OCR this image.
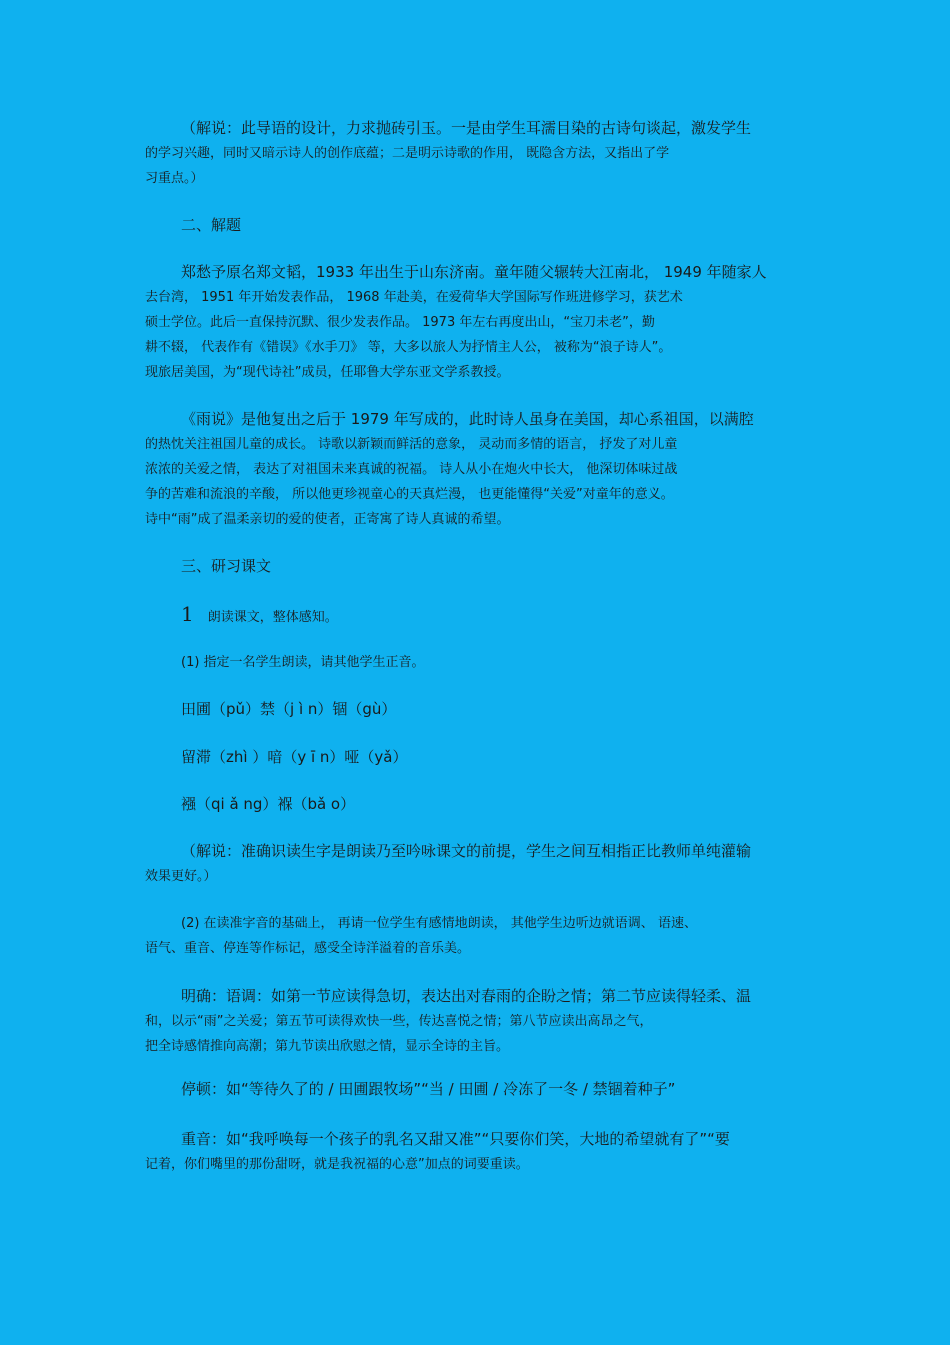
（解说：此导语的设计，力求抛砖引玉。一是由学生耳濡目染的古诗句谈起，激发学生
的学习兴趣，同时又暗示诗人的创作底蕴；二是明示诗歌的作用， 既隐含方法，又指出了学
习重点。）
二、解题
郑愁予原名郑文韬，1933 年出生于山东济南。童年随父辗转大江南北， 1949 年随家人
去台湾， 1951 年开始发表作品， 1968 年赴美，在爱荷华大学国际写作班进修学习，获艺术
硕士学位。此后一直保持沉默、很少发表作品。 1973 年左右再度出山，“宝刀未老”，勤
耕不辍， 代表作有《错误》《水手刀》 等，大多以旅人为抒情主人公， 被称为“浪子诗人”。
现旅居美国，为“现代诗社”成员，任耶鲁大学东亚文学系教授。
《雨说》是他复出之后于 1979 年写成的，此时诗人虽身在美国，却心系祖国，以满腔
的热忱关注祖国儿童的成长。 诗歌以新颖而鲜活的意象， 灵动而多情的语言， 抒发了对儿童
浓浓的关爱之情， 表达了对祖国未来真诚的祝福。 诗人从小在炮火中长大， 他深切体味过战
争的苦难和流浪的辛酸， 所以他更珍视童心的天真烂漫， 也更能懂得“关爱”对童年的意义。
诗中“雨”成了温柔亲切的爱的使者，正寄寓了诗人真诚的希望。
三、研习课文
1 朗读课文，整体感知。
(1) 指定一名学生朗读，请其他学生正音。
田圃（pǔ）禁（j ì n）锢（gù）
留滞（zhì ）喑（y ī n）哑（yǎ）
襁（qi ǎ ng）褓（bǎ o）
（解说：准确识读生字是朗读乃至吟咏课文的前提，学生之间互相指正比教师单纯灌输
效果更好。）
(2) 在读准字音的基础上， 再请一位学生有感情地朗读， 其他学生边听边就语调、 语速、
语气、重音、停连等作标记，感受全诗洋溢着的音乐美。
明确：语调：如第一节应读得急切，表达出对春雨的企盼之情；第二节应读得轻柔、温
和，以示“雨”之关爱；第五节可读得欢快一些，传达喜悦之情；第八节应读出高昂之气，
把全诗感情推向高潮；第九节读出欣慰之情，显示全诗的主旨。
停顿：如“等待久了的 / 田圃跟牧场”“当 / 田圃 / 冷冻了一冬 / 禁锢着种子”
重音：如“我呼唤每一个孩子的乳名又甜又准”“只要你们笑，大地的希望就有了”“要
记着，你们嘴里的那份甜呀，就是我祝福的心意”加点的词要重读。
